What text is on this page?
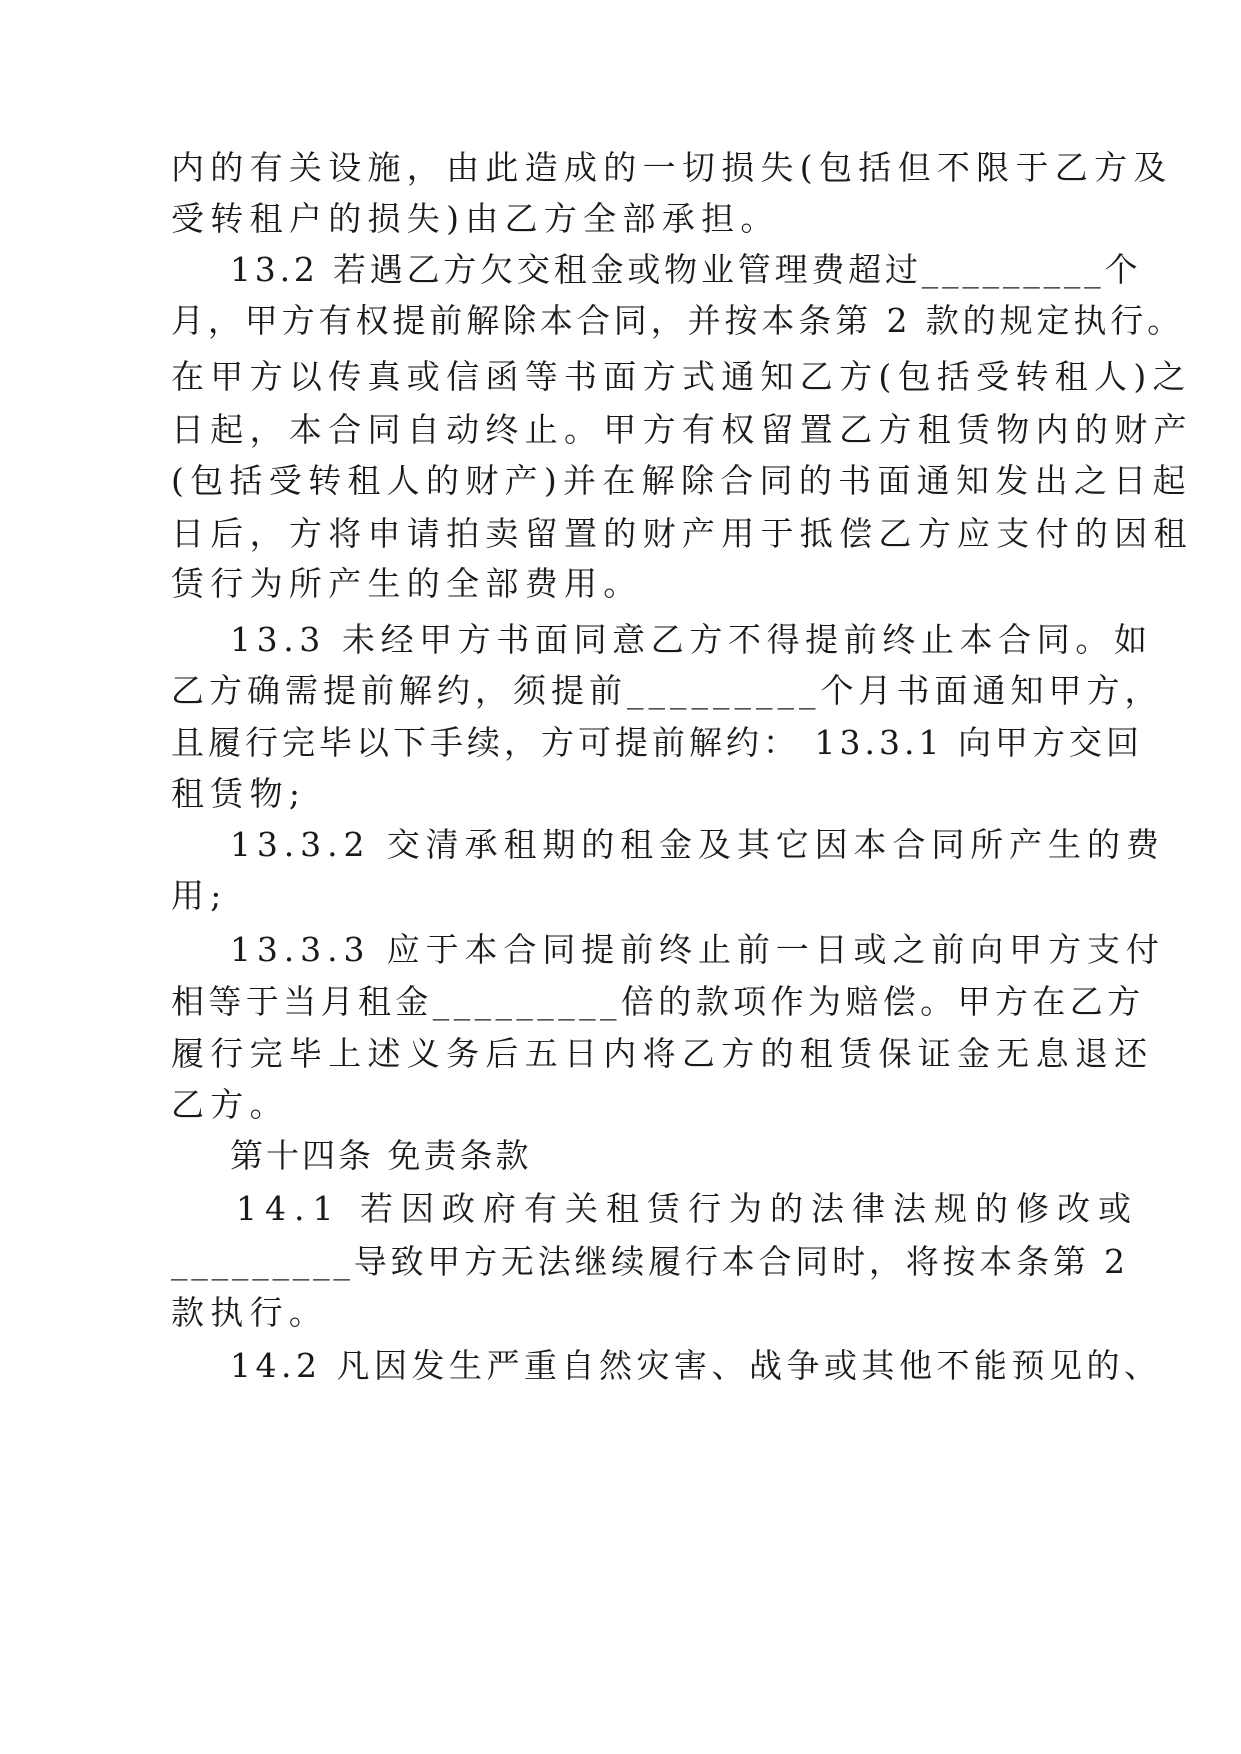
内的有关设施，由此造成的一切损失(包括但不限于乙方及
受转租户的损失)由乙方全部承担。
13.2 若遇乙方欠交租金或物业管理费超过_________个
月，甲方有权提前解除本合同，并按本条第 2 款的规定执行。
在甲方以传真或信函等书面方式通知乙方(包括受转租人)之
日起，本合同自动终止。甲方有权留置乙方租赁物内的财产
(包括受转租人的财产)并在解除合同的书面通知发出之日起
日后，方将申请拍卖留置的财产用于抵偿乙方应支付的因租
赁行为所产生的全部费用。
13.3 未经甲方书面同意乙方不得提前终止本合同。如
乙方确需提前解约，须提前_________个月书面通知甲方，
且履行完毕以下手续，方可提前解约： 13.3.1 向甲方交回
租赁物;
13.3.2 交清承租期的租金及其它因本合同所产生的费
用;
13.3.3 应于本合同提前终止前一日或之前向甲方支付
相等于当月租金_________倍的款项作为赔偿。甲方在乙方
履行完毕上述义务后五日内将乙方的租赁保证金无息退还
乙方。
第十四条 免责条款
14.1 若因政府有关租赁行为的法律法规的修改或
_________导致甲方无法继续履行本合同时，将按本条第 2
款执行。
14.2 凡因发生严重自然灾害、战争或其他不能预见的、
